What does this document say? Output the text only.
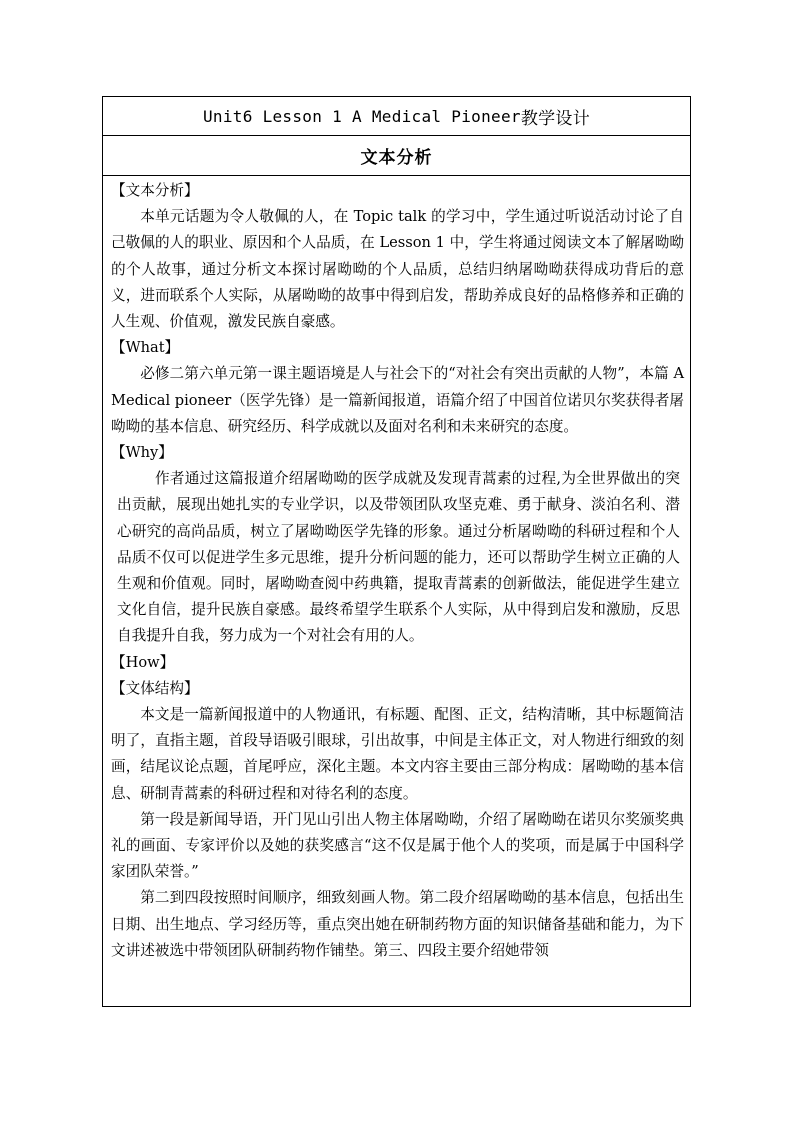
Unit6 Lesson 1 A Medical Pioneer 教学设计
文本分析

【文本分析】

本单元话题为令人敬佩的人，在 Topic talk 的学习中，学生通过听说活动讨论了自己敬佩的人的职业、原因和个人品质，在 Lesson 1 中，学生将通过阅读文本了解屠呦呦的个人故事，通过分析文本探讨屠呦呦的个人品质，总结归纳屠呦呦获得成功背后的意义，进而联系个人实际，从屠呦呦的故事中得到启发，帮助养成良好的品格修养和正确的人生观、价值观，激发民族自豪感。

【What】

必修二第六单元第一课主题语境是人与社会下的“对社会有突出贡献的人物”，本篇 A Medical pioneer（医学先锋）是一篇新闻报道，语篇介绍了中国首位诺贝尔奖获得者屠呦呦的基本信息、研究经历、科学成就以及面对名利和未来研究的态度。

【Why】

作者通过这篇报道介绍屠呦呦的医学成就及发现青蒿素的过程,为全世界做出的突出贡献，展现出她扎实的专业学识，以及带领团队攻坚克难、勇于献身、淡泊名利、潜心研究的高尚品质，树立了屠呦呦医学先锋的形象。通过分析屠呦呦的科研过程和个人品质不仅可以促进学生多元思维，提升分析问题的能力，还可以帮助学生树立正确的人生观和价值观。同时，屠呦呦查阅中药典籍，提取青蒿素的创新做法，能促进学生建立文化自信，提升民族自豪感。最终希望学生联系个人实际，从中得到启发和激励，反思自我提升自我，努力成为一个对社会有用的人。

【How】

【文体结构】

本文是一篇新闻报道中的人物通讯，有标题、配图、正文，结构清晰，其中标题简洁明了，直指主题，首段导语吸引眼球，引出故事，中间是主体正文，对人物进行细致的刻画，结尾议论点题，首尾呼应，深化主题。本文内容主要由三部分构成：屠呦呦的基本信息、研制青蒿素的科研过程和对待名利的态度。

第一段是新闻导语，开门见山引出人物主体屠呦呦，介绍了屠呦呦在诺贝尔奖颁奖典礼的画面、专家评价以及她的获奖感言“这不仅是属于他个人的奖项，而是属于中国科学家团队荣誉。”

第二到四段按照时间顺序，细致刻画人物。第二段介绍屠呦呦的基本信息，包括出生日期、出生地点、学习经历等，重点突出她在研制药物方面的知识储备基础和能力，为下文讲述被选中带领团队研制药物作铺垫。第三、四段主要介绍她带领
